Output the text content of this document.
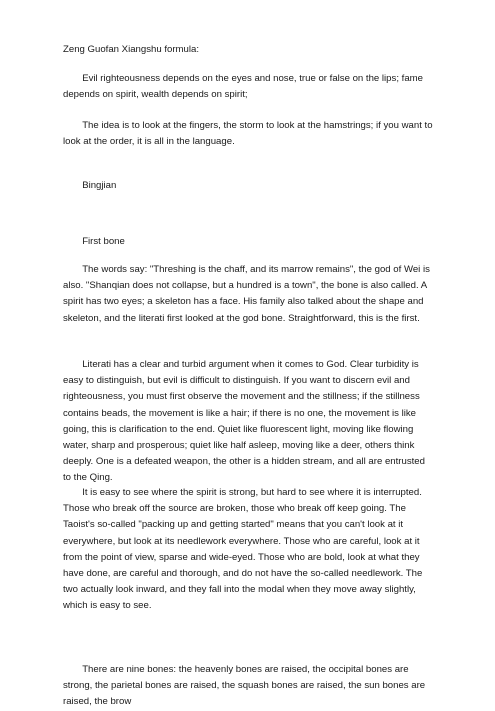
Zeng Guofan Xiangshu formula:

Evil righteousness depends on the eyes and nose, true or false on the lips; fame depends on spirit, wealth depends on spirit;

The idea is to look at the fingers, the storm to look at the hamstrings; if you want to look at the order, it is all in the language.

Bingjian

First bone

The words say: "Threshing is the chaff, and its marrow remains", the god of Wei is also. "Shanqian does not collapse, but a hundred is a town", the bone is also called. A spirit has two eyes; a skeleton has a face. His family also talked about the shape and skeleton, and the literati first looked at the god bone. Straightforward, this is the first.

Literati has a clear and turbid argument when it comes to God. Clear turbidity is easy to distinguish, but evil is difficult to distinguish. If you want to discern evil and righteousness, you must first observe the movement and the stillness; if the stillness contains beads, the movement is like a hair; if there is no one, the movement is like going, this is clarification to the end. Quiet like fluorescent light, moving like flowing water, sharp and prosperous; quiet like half asleep, moving like a deer, others think deeply. One is a defeated weapon, the other is a hidden stream, and all are entrusted to the Qing.

It is easy to see where the spirit is strong, but hard to see where it is interrupted. Those who break off the source are broken, those who break off keep going. The Taoist's so-called "packing up and getting started" means that you can't look at it everywhere, but look at its needlework everywhere. Those who are careful, look at it from the point of view, sparse and wide-eyed. Those who are bold, look at what they have done, are careful and thorough, and do not have the so-called needlework. The two actually look inward, and they fall into the modal when they move away slightly, which is easy to see.

There are nine bones: the heavenly bones are raised, the occipital bones are strong, the parietal bones are raised, the squash bones are raised, the sun bones are raised, the brow
